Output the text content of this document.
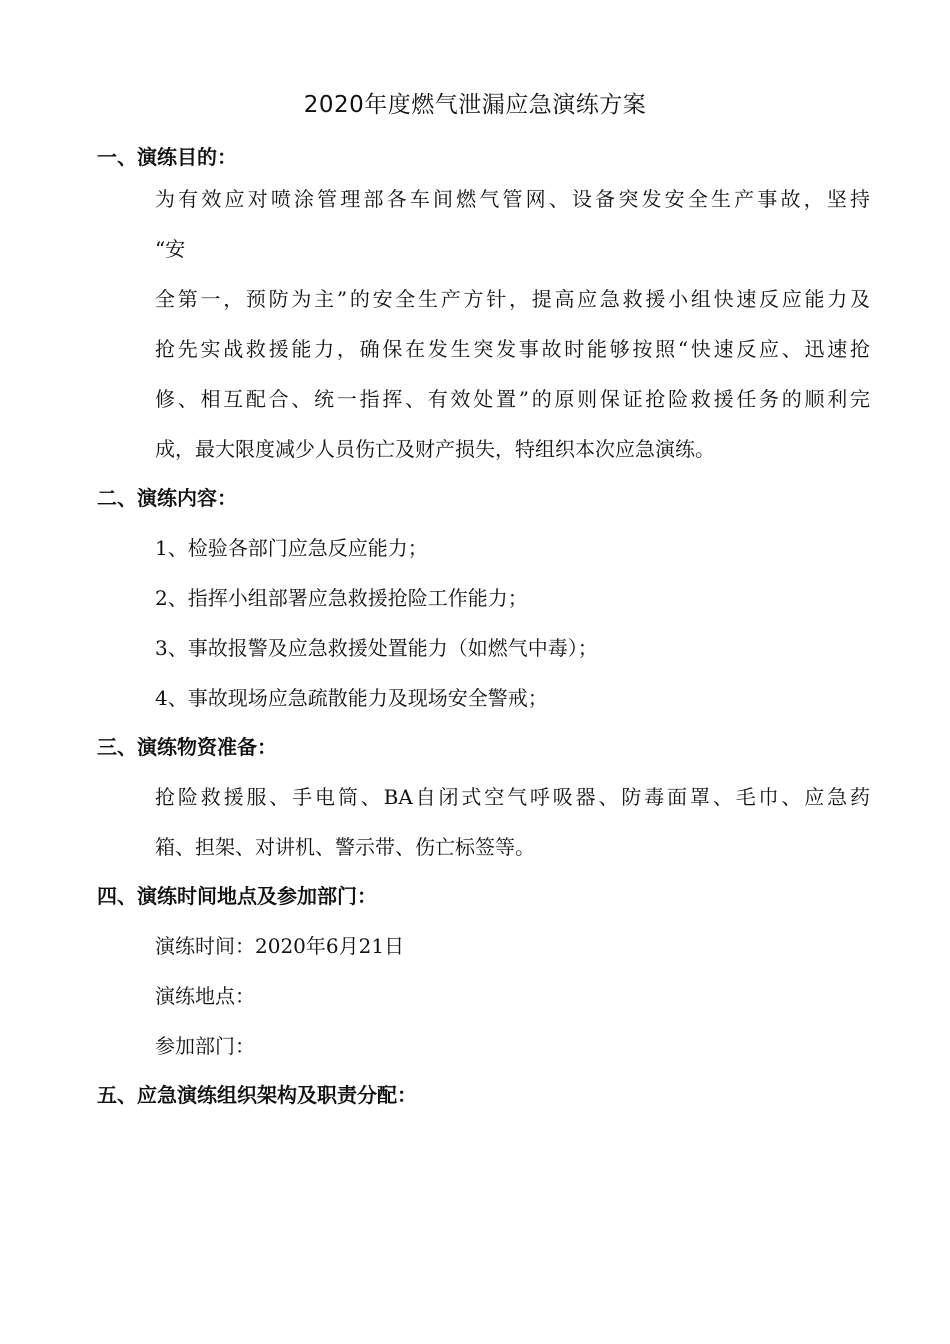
2020年度燃气泄漏应急演练方案
一、演练目的：
为有效应对喷涂管理部各车间燃气管网、设备突发安全生产事故，坚持
“安
全第一，预防为主”的安全生产方针，提高应急救援小组快速反应能力及
抢先实战救援能力，确保在发生突发事故时能够按照“快速反应、迅速抢
修、相互配合、统一指挥、有效处置”的原则保证抢险救援任务的顺利完
成，最大限度减少人员伤亡及财产损失，特组织本次应急演练。
二、演练内容：
1、检验各部门应急反应能力；
2、指挥小组部署应急救援抢险工作能力；
3、事故报警及应急救援处置能力（如燃气中毒）；
4、事故现场应急疏散能力及现场安全警戒；
三、演练物资准备：
抢险救援服、手电筒、BA自闭式空气呼吸器、防毒面罩、毛巾、应急药
箱、担架、对讲机、警示带、伤亡标签等。
四、演练时间地点及参加部门：
演练时间：2020年6月21日
演练地点：
参加部门：
五、应急演练组织架构及职责分配：
